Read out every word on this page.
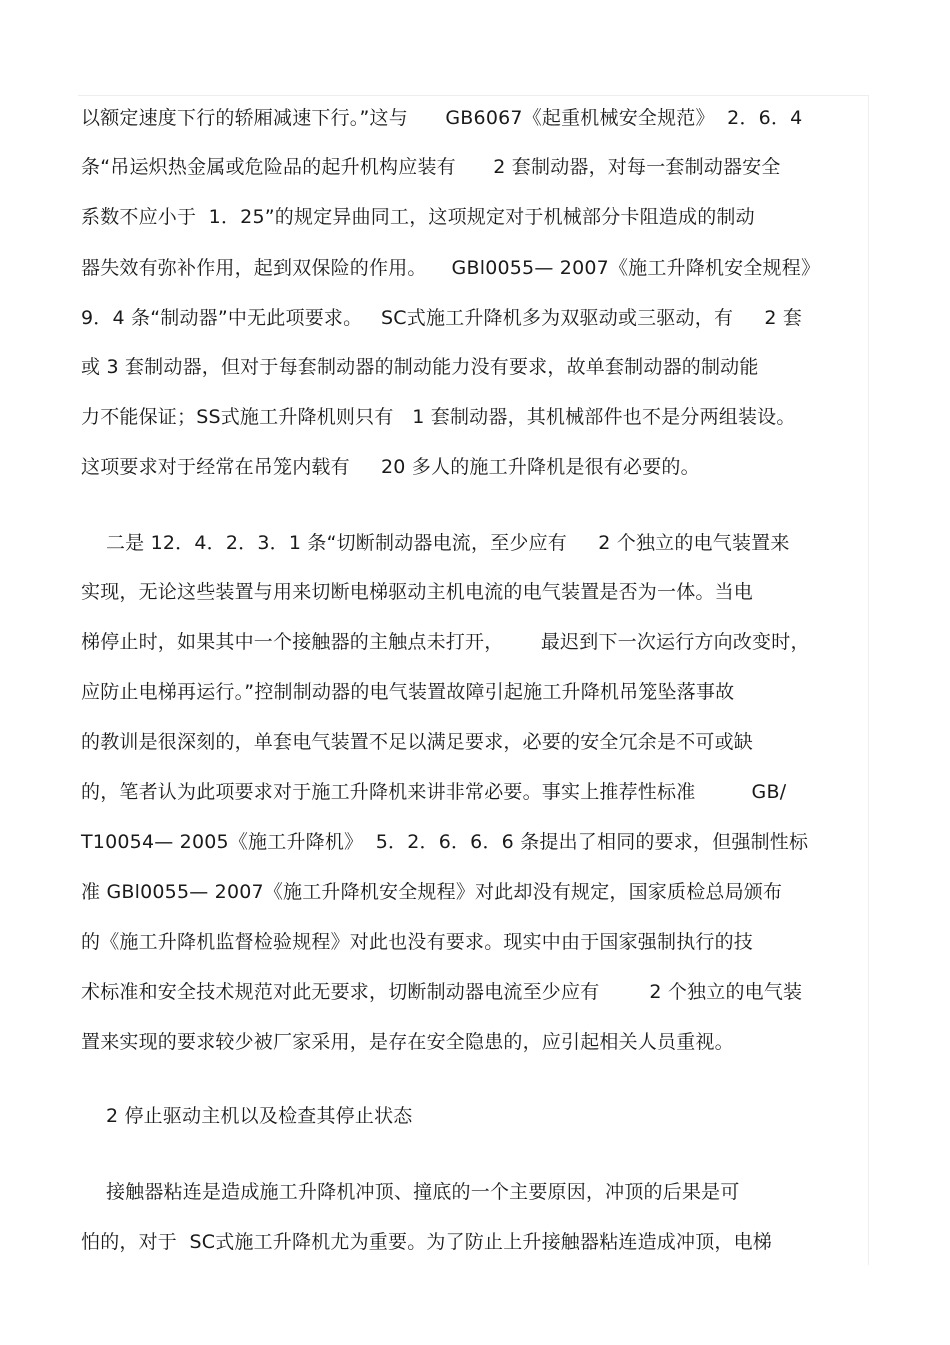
以额定速度下行的轿厢减速下行。”这与      GB6067《起重机械安全规范》  2．6．4
条“吊运炽热金属或危险品的起升机构应装有      2 套制动器，对每一套制动器安全
系数不应小于  1．25”的规定异曲同工，这项规定对于机械部分卡阻造成的制动
器失效有弥补作用，起到双保险的作用。    GBl0055— 2007《施工升降机安全规程》
9．4 条“制动器”中无此项要求。   SC式施工升降机多为双驱动或三驱动，有     2 套
或 3 套制动器，但对于每套制动器的制动能力没有要求，故单套制动器的制动能
力不能保证；SS式施工升降机则只有   1 套制动器，其机械部件也不是分两组装设。
这项要求对于经常在吊笼内载有     20 多人的施工升降机是很有必要的。
二是 12．4．2．3．1 条“切断制动器电流，至少应有     2 个独立的电气装置来
实现，无论这些装置与用来切断电梯驱动主机电流的电气装置是否为一体。当电
梯停止时，如果其中一个接触器的主触点未打开，      最迟到下一次运行方向改变时，
应防止电梯再运行。”控制制动器的电气装置故障引起施工升降机吊笼坠落事故
的教训是很深刻的，单套电气装置不足以满足要求，必要的安全冗余是不可或缺
的，笔者认为此项要求对于施工升降机来讲非常必要。事实上推荐性标准         GB∕
T10054— 2005《施工升降机》  5．2．6．6．6 条提出了相同的要求，但强制性标
准 GBl0055— 2007《施工升降机安全规程》对此却没有规定，国家质检总局颁布
的《施工升降机监督检验规程》对此也没有要求。现实中由于国家强制执行的技
术标准和安全技术规范对此无要求，切断制动器电流至少应有        2 个独立的电气装
置来实现的要求较少被厂家采用，是存在安全隐患的，应引起相关人员重视。
2 停止驱动主机以及检查其停止状态
接触器粘连是造成施工升降机冲顶、撞底的一个主要原因，冲顶的后果是可
怕的，对于  SC式施工升降机尤为重要。为了防止上升接触器粘连造成冲顶，电梯
